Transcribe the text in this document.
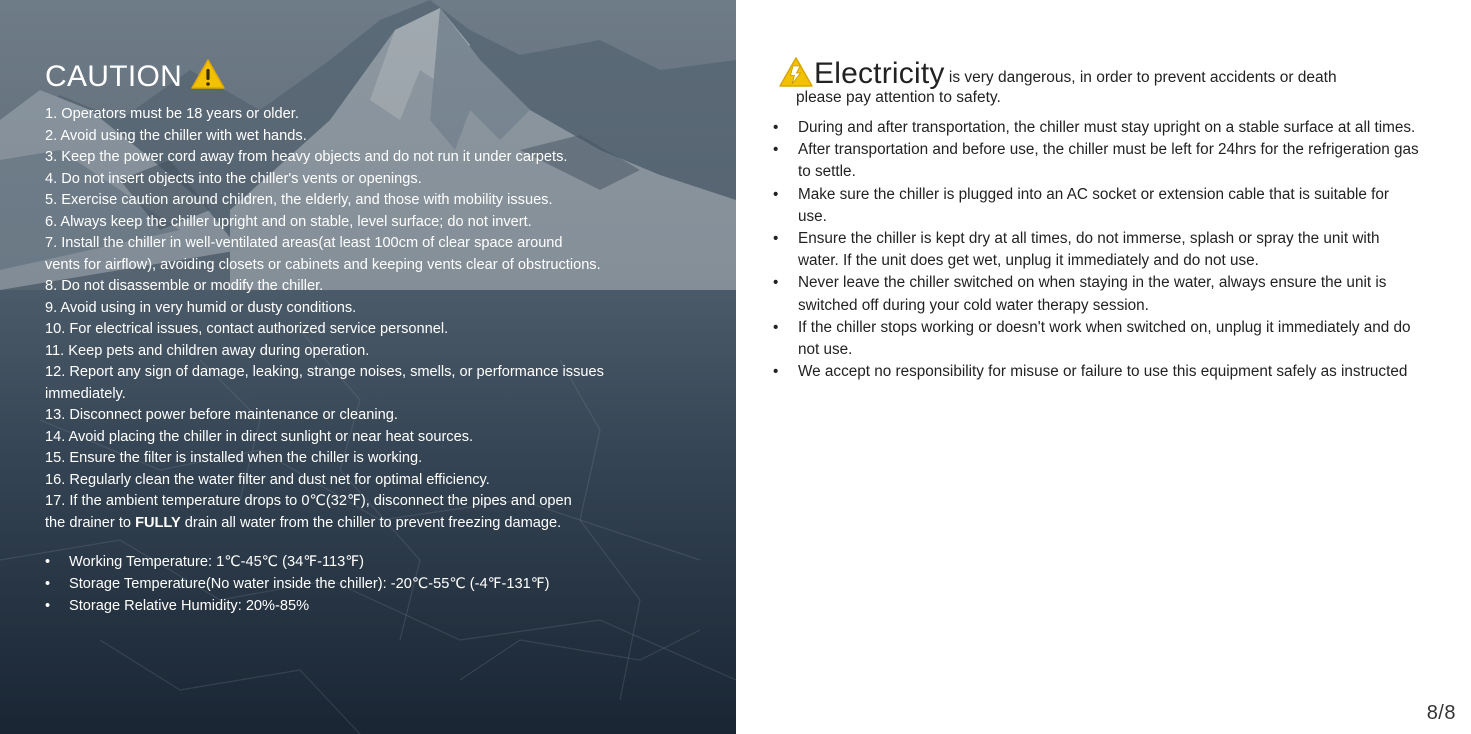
CAUTION
1. Operators must be 18 years or older.
2. Avoid using the chiller with wet hands.
3. Keep the power cord away from heavy objects and do not run it under carpets.
4. Do not insert objects into the chiller's vents or openings.
5. Exercise caution around children, the elderly, and those with mobility issues.
6. Always keep the chiller upright and on stable, level surface; do not invert.
7. Install the chiller in well-ventilated areas(at least 100cm of clear space around
vents for airflow), avoiding closets or cabinets and keeping vents clear of obstructions.
8. Do not disassemble or modify the chiller.
9. Avoid using in very humid or dusty conditions.
10. For electrical issues, contact authorized service personnel.
11. Keep pets and children away during operation.
12. Report any sign of damage, leaking, strange noises, smells, or performance issues
immediately.
13. Disconnect power before maintenance or cleaning.
14. Avoid placing the chiller in direct sunlight or near heat sources.
15. Ensure the filter is installed when the chiller is working.
16. Regularly clean the water filter and dust net for optimal efficiency.
17. If the ambient temperature drops to 0℃(32℉), disconnect the pipes and open
the drainer to FULLY drain all water from the chiller to prevent freezing damage.
• Working Temperature: 1℃-45℃ (34℉-113℉)
• Storage Temperature(No water inside the chiller): -20℃-55℃ (-4℉-131℉)
• Storage Relative Humidity: 20%-85%
Electricity is very dangerous, in order to prevent accidents or death
please pay attention to safety.
• During and after transportation, the chiller must stay upright on a stable surface at all times.
• After transportation and before use, the chiller must be left for 24hrs for the refrigeration gas to settle.
• Make sure the chiller is plugged into an AC socket or extension cable that is suitable for use.
• Ensure the chiller is kept dry at all times, do not immerse, splash or spray the unit with water. If the unit does get wet, unplug it immediately and do not use.
• Never leave the chiller switched on when staying in the water, always ensure the unit is switched off during your cold water therapy session.
• If the chiller stops working or doesn't work when switched on, unplug it immediately and do not use.
• We accept no responsibility for misuse or failure to use this equipment safely as instructed
8/8
